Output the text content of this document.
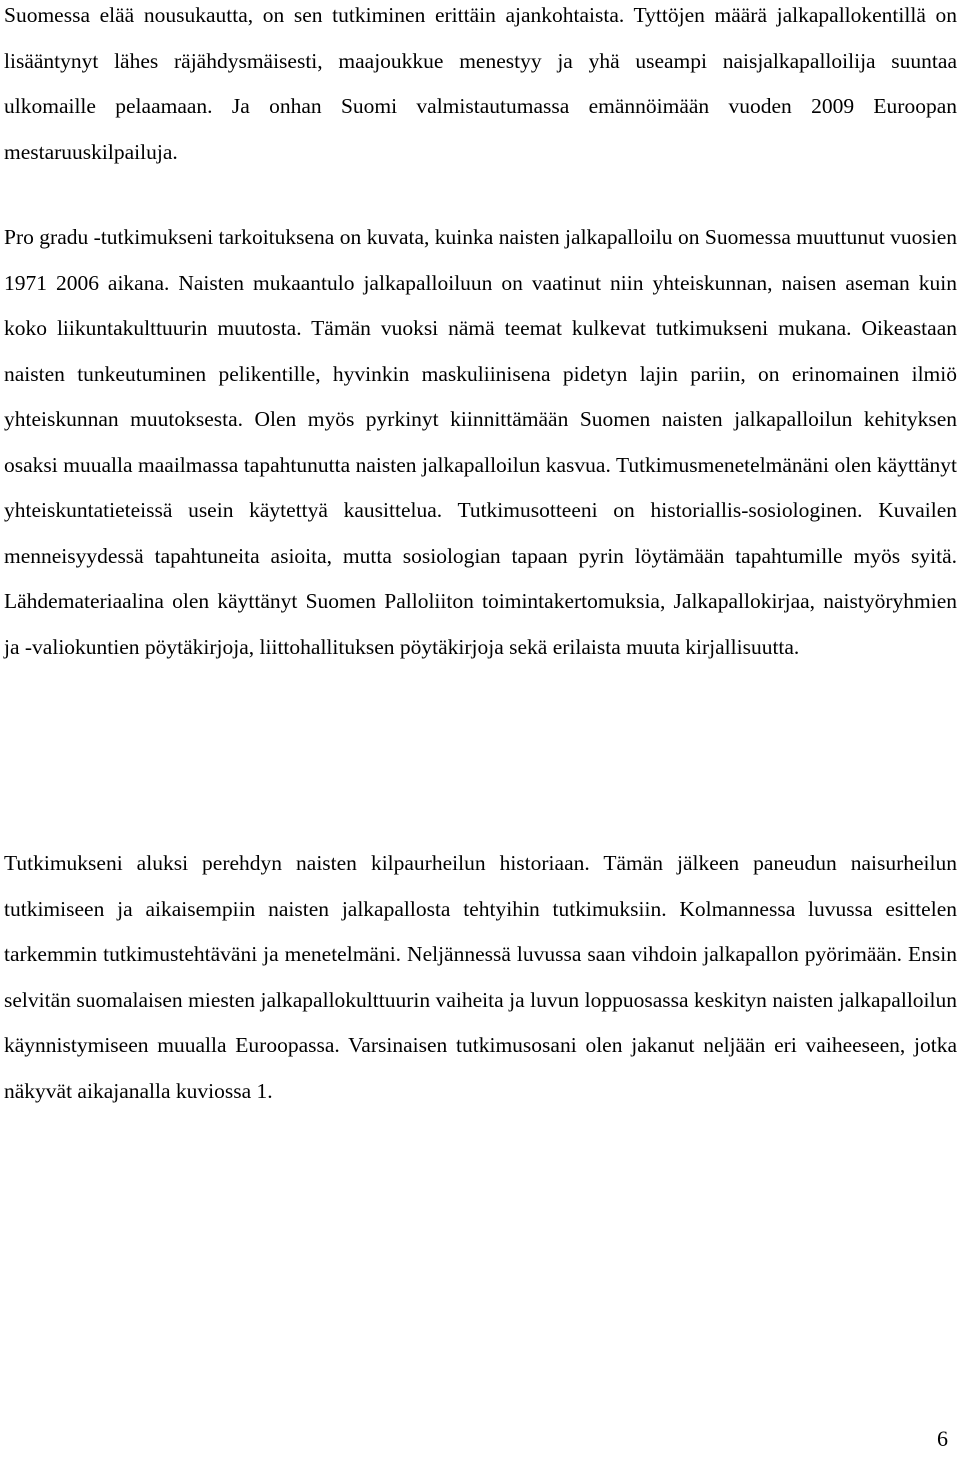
Suomessa elää nousukautta, on sen tutkiminen erittäin ajankohtaista. Tyttöjen määrä jalkapallokentillä on lisääntynyt lähes räjähdysmäisesti, maajoukkue menestyy ja yhä useampi naisjalkapalloilija suuntaa ulkomaille pelaamaan. Ja onhan Suomi valmistautumassa emännöimään vuoden 2009 Euroopan mestaruuskilpailuja.

Pro gradu -tutkimukseni tarkoituksena on kuvata, kuinka naisten jalkapalloilu on Suomessa muuttunut vuosien 1971 2006 aikana. Naisten mukaantulo jalkapalloiluun on vaatinut niin yhteiskunnan, naisen aseman kuin koko liikuntakulttuurin muutosta. Tämän vuoksi nämä teemat kulkevat tutkimukseni mukana. Oikeastaan naisten tunkeutuminen pelikentille, hyvinkin maskuliinisena pidetyn lajin pariin, on erinomainen ilmiö yhteiskunnan muutoksesta. Olen myös pyrkinyt kiinnittämään Suomen naisten jalkapalloilun kehityksen osaksi muualla maailmassa tapahtunutta naisten jalkapalloilun kasvua. Tutkimusmenetelmänäni olen käyttänyt yhteiskuntatieteissä usein käytettyä kausittelua. Tutkimusotteeni on historiallis-sosiologinen. Kuvailen menneisyydessä tapahtuneita asioita, mutta sosiologian tapaan pyrin löytämään tapahtumille myös syitä. Lähdemateriaalina olen käyttänyt Suomen Palloliiton toimintakertomuksia, Jalkapallokirjaa, naistyöryhmien ja -valiokuntien pöytäkirjoja, liittohallituksen pöytäkirjoja sekä erilaista muuta kirjallisuutta.

Tutkimukseni aluksi perehdyn naisten kilpaurheilun historiaan. Tämän jälkeen paneudun naisurheilun tutkimiseen ja aikaisempiin naisten jalkapallosta tehtyihin tutkimuksiin. Kolmannessa luvussa esittelen tarkemmin tutkimustehtäväni ja menetelmäni. Neljännessä luvussa saan vihdoin jalkapallon pyörimään. Ensin selvitän suomalaisen miesten jalkapallokulttuurin vaiheita ja luvun loppuosassa keskityn naisten jalkapalloilun käynnistymiseen muualla Euroopassa. Varsinaisen tutkimusosani olen jakanut neljään eri vaiheeseen, jotka näkyvät aikajanalla kuviossa 1.

6
